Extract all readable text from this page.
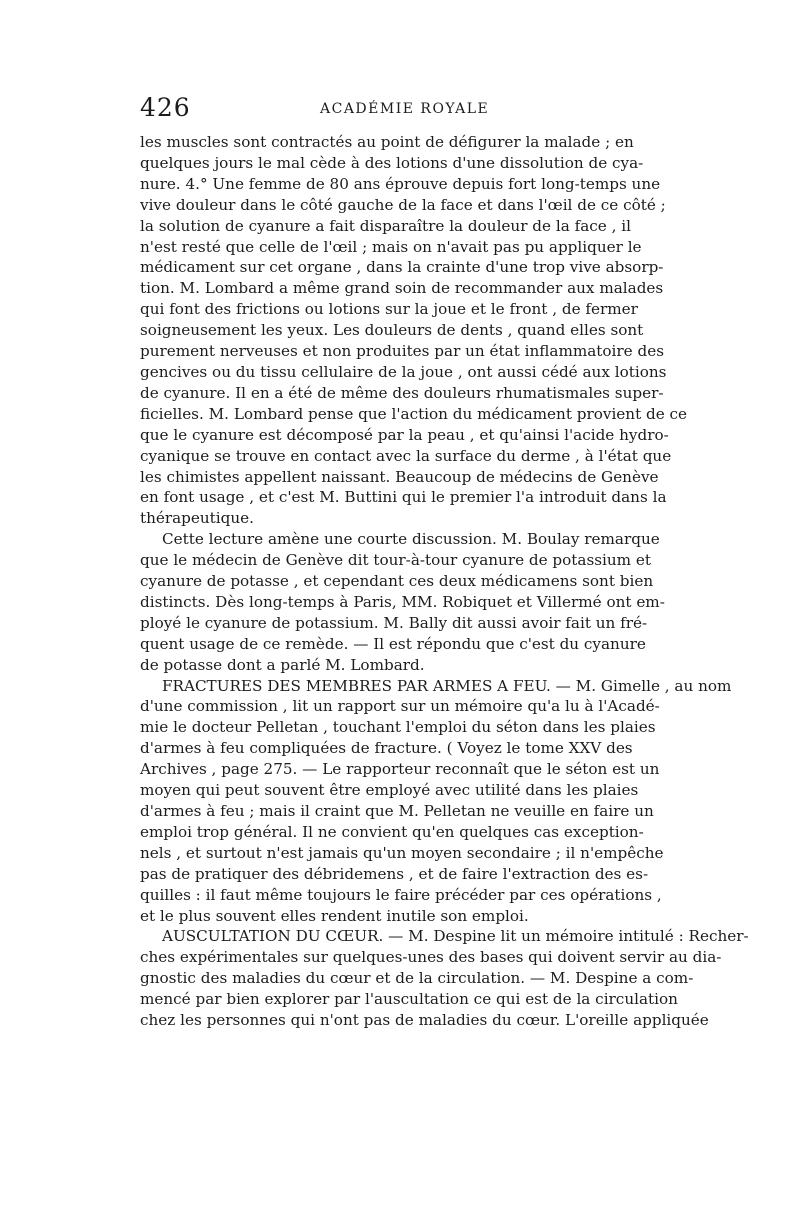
426	ACADÉMIE ROYALE
les muscles sont contractés au point de défigurer la malade ; en
quelques jours le mal cède à des lotions d'une dissolution de cya-
nure. 4.° Une femme de 80 ans éprouve depuis fort long-temps une
vive douleur dans le côté gauche de la face et dans l'œil de ce côté ;
la solution de cyanure a fait disparaître la douleur de la face , il
n'est resté que celle de l'œil ; mais on n'avait pas pu appliquer le
médicament sur cet organe , dans la crainte d'une trop vive absorp-
tion. M. Lombard a même grand soin de recommander aux malades
qui font des frictions ou lotions sur la joue et le front , de fermer
soigneusement les yeux. Les douleurs de dents , quand elles sont
purement nerveuses et non produites par un état inflammatoire des
gencives ou du tissu cellulaire de la joue , ont aussi cédé aux lotions
de cyanure. Il en a été de même des douleurs rhumatismales super-
ficielles. M. Lombard pense que l'action du médicament provient de ce
que le cyanure est décomposé par la peau , et qu'ainsi l'acide hydro-
cyanique se trouve en contact avec la surface du derme , à l'état que
les chimistes appellent naissant. Beaucoup de médecins de Genève
en font usage , et c'est M. Buttini qui le premier l'a introduit dans la
thérapeutique.
Cette lecture amène une courte discussion. M. Boulay remarque
que le médecin de Genève dit tour-à-tour cyanure de potassium et
cyanure de potasse , et cependant ces deux médicamens sont bien
distincts. Dès long-temps à Paris, MM. Robiquet et Villermé ont em-
ployé le cyanure de potassium. M. Bally dit aussi avoir fait un fré-
quent usage de ce remède. — Il est répondu que c'est du cyanure
de potasse dont a parlé M. Lombard.
FRACTURES DES MEMBRES PAR ARMES A FEU. — M. Gimelle , au nom
d'une commission , lit un rapport sur un mémoire qu'a lu à l'Acadé-
mie le docteur Pelletan , touchant l'emploi du séton dans les plaies
d'armes à feu compliquées de fracture. ( Voyez le tome XXV des
Archives , page 275. — Le rapporteur reconnaît que le séton est un
moyen qui peut souvent être employé avec utilité dans les plaies
d'armes à feu ; mais il craint que M. Pelletan ne veuille en faire un
emploi trop général. Il ne convient qu'en quelques cas exception-
nels , et surtout n'est jamais qu'un moyen secondaire ; il n'empêche
pas de pratiquer des débridemens , et de faire l'extraction des es-
quilles : il faut même toujours le faire précéder par ces opérations ,
et le plus souvent elles rendent inutile son emploi.
AUSCULTATION DU CŒUR. — M. Despine lit un mémoire intitulé : Recher-
ches expérimentales sur quelques-unes des bases qui doivent servir au dia-
gnostic des maladies du cœur et de la circulation. — M. Despine a com-
mencé par bien explorer par l'auscultation ce qui est de la circulation
chez les personnes qui n'ont pas de maladies du cœur. L'oreille appliquée
